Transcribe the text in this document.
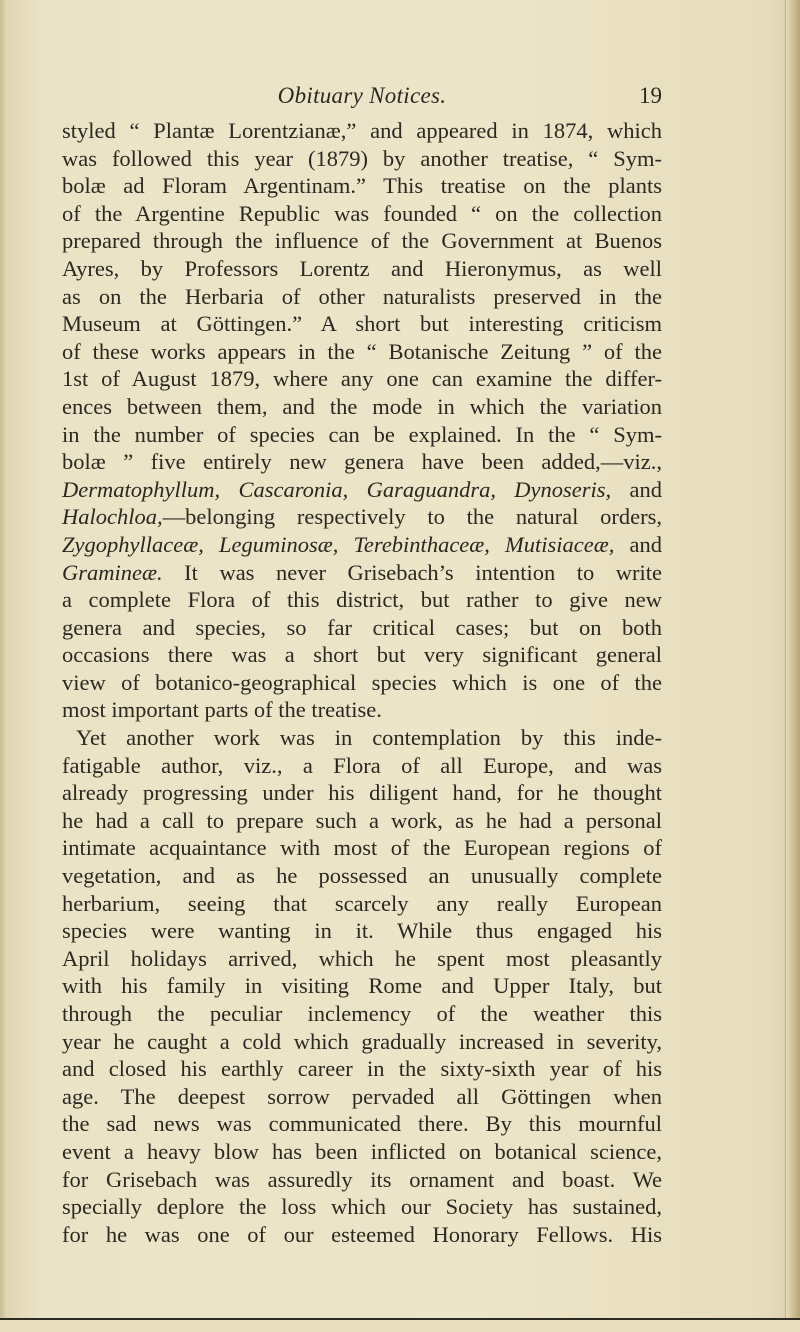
Obituary Notices.	19
styled “ Plantæ Lorentzianæ,” and appeared in 1874, which
was followed this year (1879) by another treatise, “ Sym-
bolæ ad Floram Argentinam.” This treatise on the plants
of the Argentine Republic was founded “ on the collection
prepared through the influence of the Government at Buenos
Ayres, by Professors Lorentz and Hieronymus, as well
as on the Herbaria of other naturalists preserved in the
Museum at Göttingen.” A short but interesting criticism
of these works appears in the “ Botanische Zeitung ” of the
1st of August 1879, where any one can examine the differ-
ences between them, and the mode in which the variation
in the number of species can be explained. In the “ Sym-
bolæ ” five entirely new genera have been added,—viz.,
Dermatophyllum, Cascaronia, Garaguandra, Dynoseris, and
Halochloa,—belonging respectively to the natural orders,
Zygophyllaceæ, Leguminosæ, Terebinthaceæ, Mutisiaceæ, and
Gramineæ. It was never Grisebach’s intention to write
a complete Flora of this district, but rather to give new
genera and species, so far critical cases; but on both
occasions there was a short but very significant general
view of botanico-geographical species which is one of the
most important parts of the treatise.
Yet another work was in contemplation by this inde-
fatigable author, viz., a Flora of all Europe, and was
already progressing under his diligent hand, for he thought
he had a call to prepare such a work, as he had a personal
intimate acquaintance with most of the European regions of
vegetation, and as he possessed an unusually complete
herbarium, seeing that scarcely any really European
species were wanting in it. While thus engaged his
April holidays arrived, which he spent most pleasantly
with his family in visiting Rome and Upper Italy, but
through the peculiar inclemency of the weather this
year he caught a cold which gradually increased in severity,
and closed his earthly career in the sixty-sixth year of his
age. The deepest sorrow pervaded all Göttingen when
the sad news was communicated there. By this mournful
event a heavy blow has been inflicted on botanical science,
for Grisebach was assuredly its ornament and boast. We
specially deplore the loss which our Society has sustained,
for he was one of our esteemed Honorary Fellows. His
